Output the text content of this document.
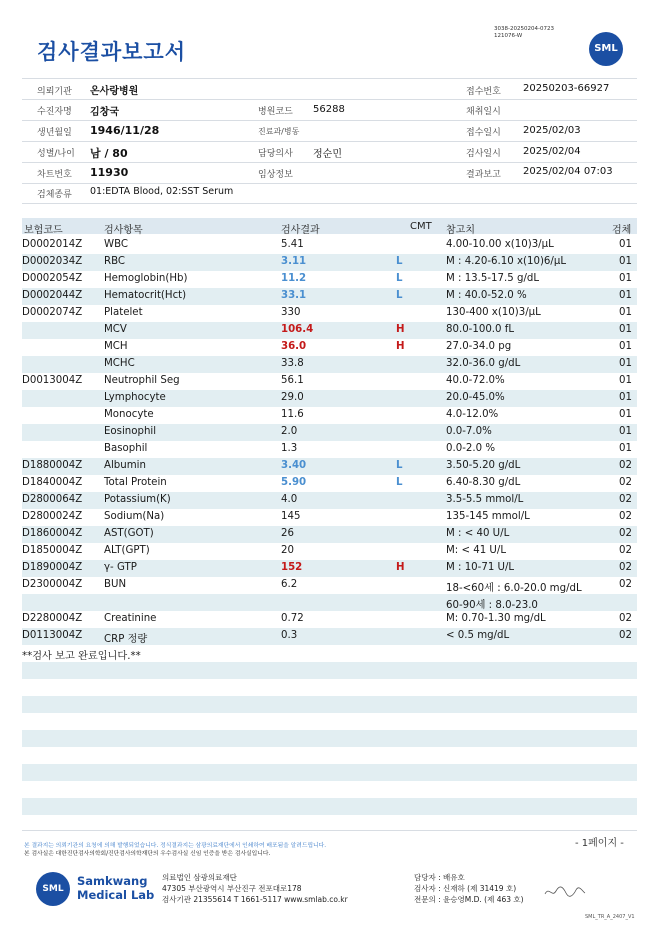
검사결과보고서
3038-20250204-0723
121076-W
SML
의뢰기관 온사랑병원	접수번호 20250203-66927
수진자명 김창국	병원코드 56288	채취일시
생년월일 1946/11/28	진료과/병동	접수일시 2025/02/03
성별/나이 남 / 80	담당의사 정순민	검사일시 2025/02/04
차트번호 11930	임상정보	결과보고 2025/02/04 07:03
검체종류 01:EDTA Blood, 02:SST Serum
보험코드	검사항목	검사결과	CMT 참고치	검체
D0002014Z WBC	5.41	4.00-10.00 x(10)3/μL	01
D0002034Z RBC	3.11	L	M : 4.20-6.10 x(10)6/μL	01
D0002054Z Hemoglobin(Hb)	11.2	L	M : 13.5-17.5 g/dL	01
D0002044Z Hematocrit(Hct)	33.1	L	M : 40.0-52.0 %	01
D0002074Z Platelet	330	130-400 x(10)3/μL	01
MCV	106.4	H	80.0-100.0 fL	01
MCH	36.0	H	27.0-34.0 pg	01
MCHC	33.8	32.0-36.0 g/dL	01
D0013004Z Neutrophil Seg	56.1	40.0-72.0%	01
Lymphocyte	29.0	20.0-45.0%	01
Monocyte	11.6	4.0-12.0%	01
Eosinophil	2.0	0.0-7.0%	01
Basophil	1.3	0.0-2.0 %	01
D1880004Z Albumin	3.40	L	3.50-5.20 g/dL	02
D1840004Z Total Protein	5.90	L	6.40-8.30 g/dL	02
D2800064Z Potassium(K)	4.0	3.5-5.5 mmol/L	02
D2800024Z Sodium(Na)	145	135-145 mmol/L	02
D1860004Z AST(GOT)	26	M : < 40 U/L	02
D1850004Z ALT(GPT)	20	M: < 41 U/L	02
D1890004Z γ- GTP	152	H	M : 10-71 U/L	02
D2300004Z BUN	6.2	18-<60세 : 6.0-20.0 mg/dL	02
60-90세 : 8.0-23.0
D2280004Z Creatinine	0.72	M: 0.70-1.30 mg/dL	02
D0113004Z CRP 정량	0.3	< 0.5 mg/dL	02
**검사 보고 완료입니다.**
본 결과지는 의뢰기관의 요청에 의해 발행되었습니다. 정식결과지는 삼광의료재단에서 인쇄하여 배포됨을 알려드립니다.
본 검사실은 대한진단검사의학회/진단검사의학재단의 우수검사실 신임 인증을 받은 검사실입니다.
- 1페이지 -
SML
Samkwang
Medical Lab
의료법인 삼광의료재단
47305 부산광역시 부산진구 전포대로178
검사기관 21355614 T 1661-5117 www.smlab.co.kr
담당자 : 배유호
검사자 : 신재하 (제 31419 호)
전문의 : 윤승영M.D. (제 463 호)
SML_TR_A_2407_V1
